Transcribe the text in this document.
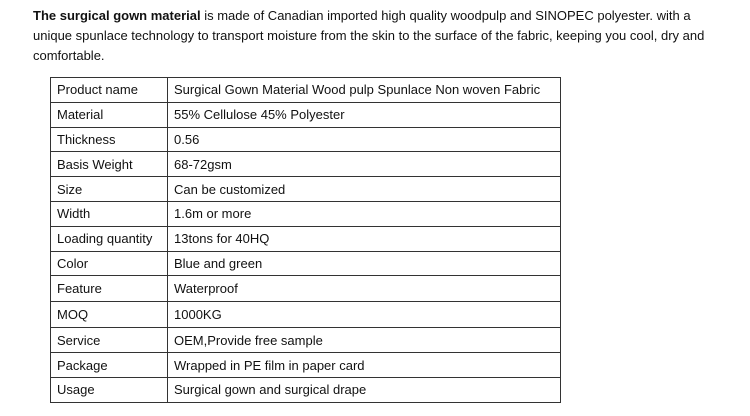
The surgical gown material is made of Canadian imported high quality woodpulp and SINOPEC polyester. with a unique spunlace technology to transport moisture from the skin to the surface of the fabric, keeping you cool, dry and comfortable.

Product name	Surgical Gown Material Wood pulp Spunlace Non woven Fabric
Material	55% Cellulose 45% Polyester
Thickness	0.56
Basis Weight	68-72gsm
Size	Can be customized
Width	1.6m or more
Loading quantity	13tons for 40HQ
Color	Blue and green
Feature	Waterproof
MOQ	1000KG
Service	OEM,Provide free sample
Package	Wrapped in PE film in paper card
Usage	Surgical gown and surgical drape
